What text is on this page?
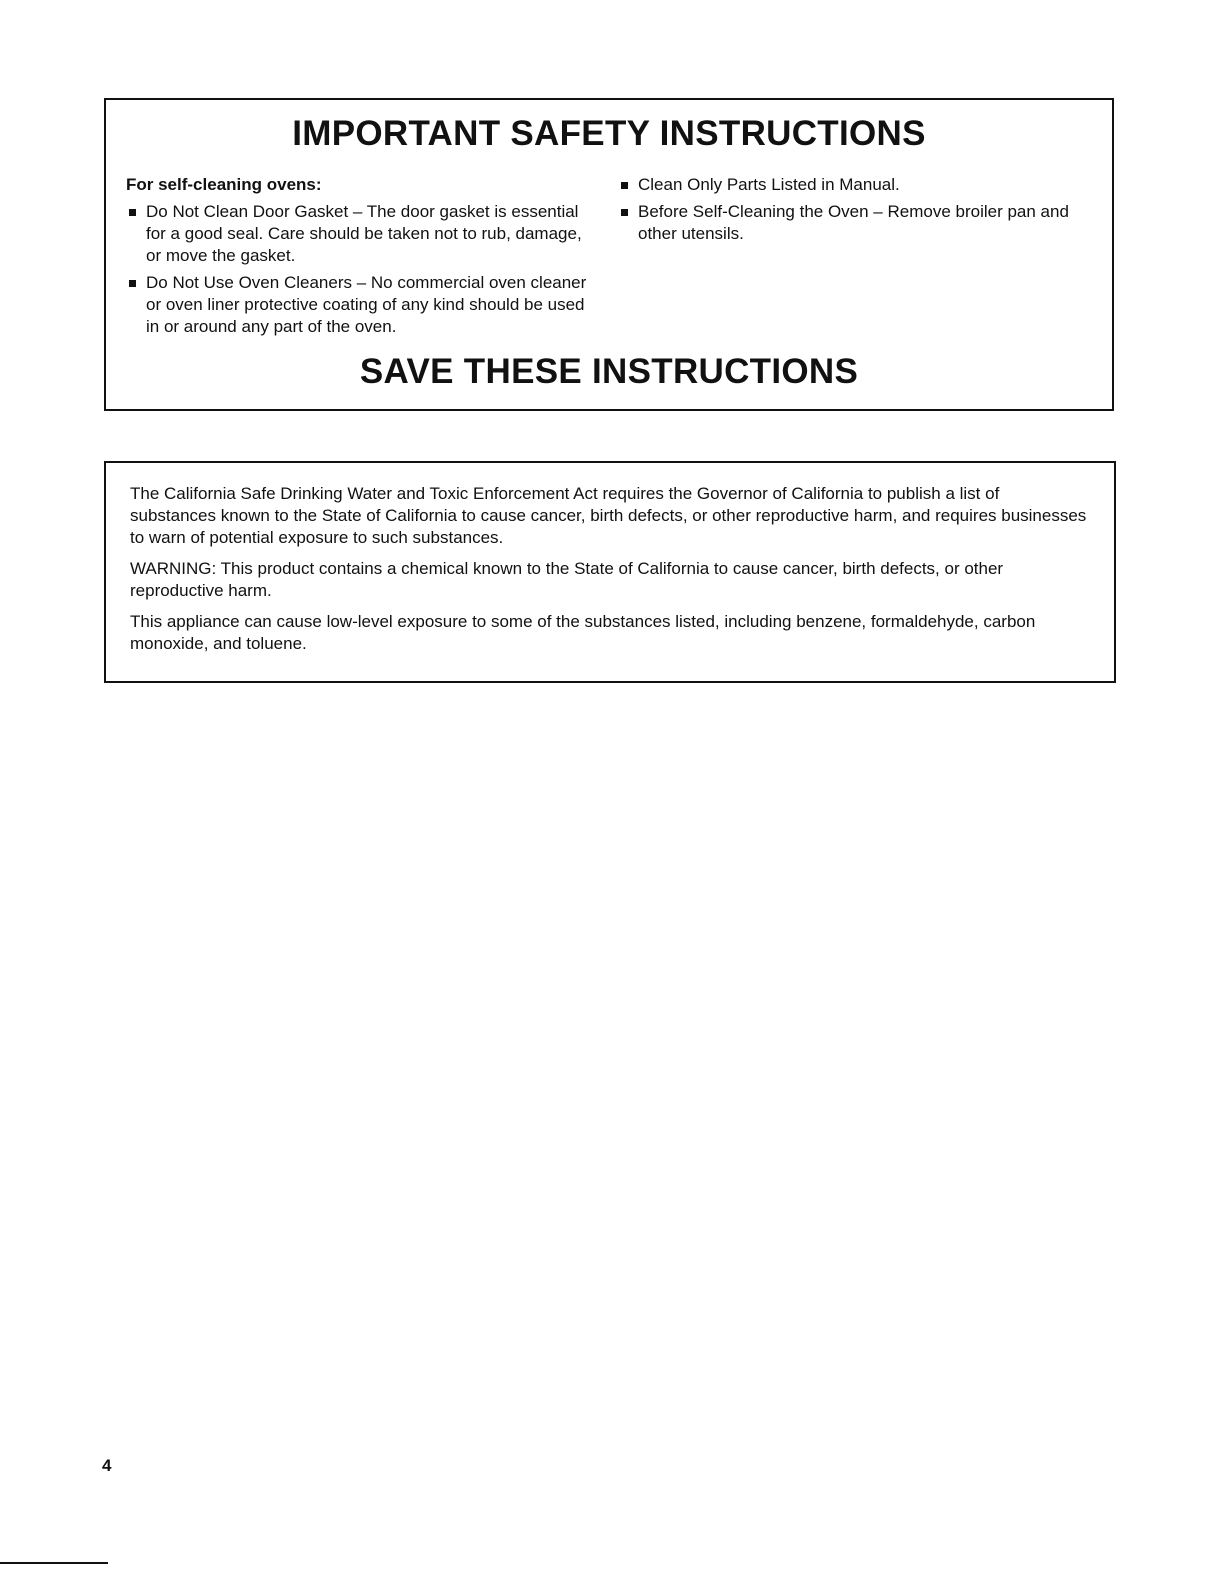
IMPORTANT SAFETY INSTRUCTIONS

For self-cleaning ovens:

Do Not Clean Door Gasket – The door gasket is essential for a good seal. Care should be taken not to rub, damage, or move the gasket.
Do Not Use Oven Cleaners – No commercial oven cleaner or oven liner protective coating of any kind should be used in or around any part of the oven.
Clean Only Parts Listed in Manual.
Before Self-Cleaning the Oven – Remove broiler pan and other utensils.
SAVE THESE INSTRUCTIONS

The California Safe Drinking Water and Toxic Enforcement Act requires the Governor of California to publish a list of substances known to the State of California to cause cancer, birth defects, or other reproductive harm, and requires businesses to warn of potential exposure to such substances.

WARNING: This product contains a chemical known to the State of California to cause cancer, birth defects, or other reproductive harm.

This appliance can cause low-level exposure to some of the substances listed, including benzene, formaldehyde, carbon monoxide, and toluene.

4
